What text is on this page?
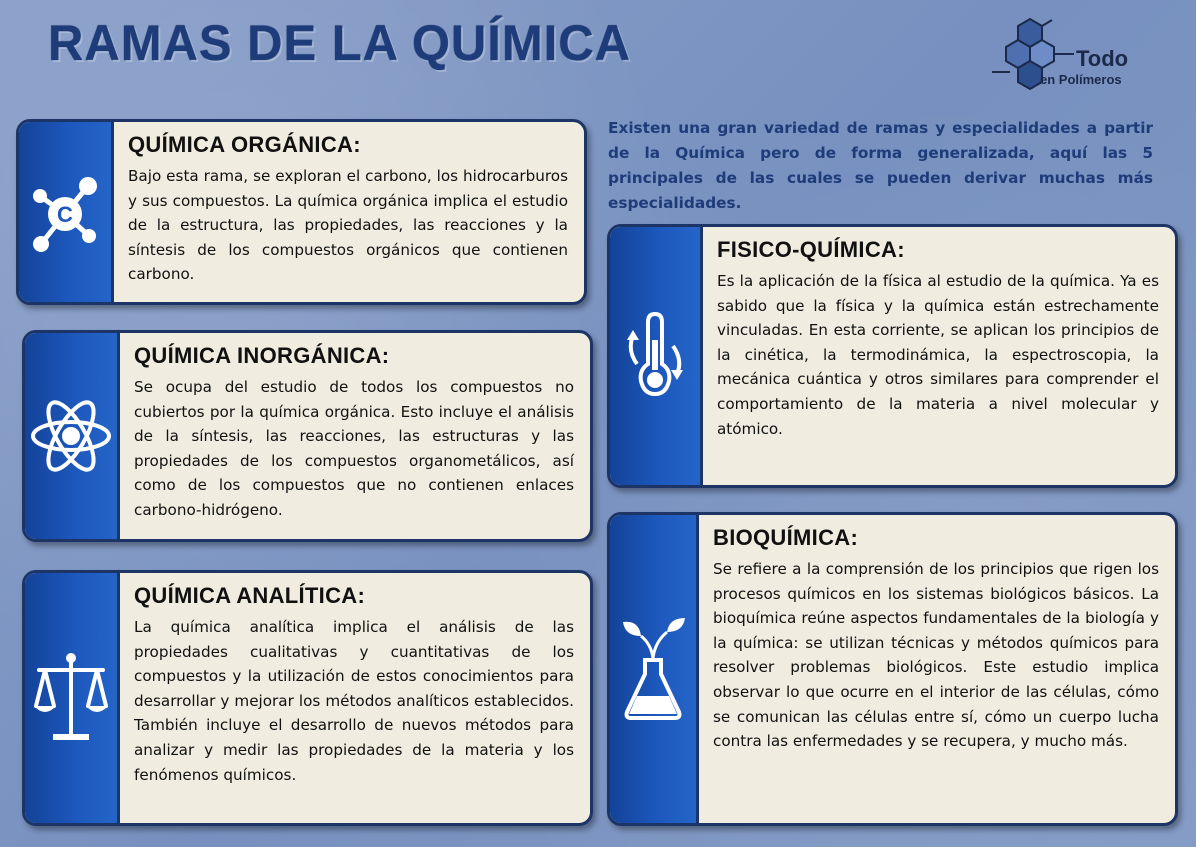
RAMAS DE LA QUÍMICA	Todo
en Polímeros

Existen una gran variedad de ramas y especialidades a partir de la Química pero de forma generalizada, aquí las 5 principales de las cuales se pueden derivar muchas más especialidades.

C
QUÍMICA ORGÁNICA:

Bajo esta rama, se exploran el carbono, los hidrocarburos y sus compuestos. La química orgánica implica el estudio de la estructura, las propiedades, las reacciones y la síntesis de los compuestos orgánicos que contienen carbono.

QUÍMICA INORGÁNICA:

Se ocupa del estudio de todos los compuestos no cubiertos por la química orgánica. Esto incluye el análisis de la síntesis, las reacciones, las estructuras y las propiedades de los compuestos organometálicos, así como de los compuestos que no contienen enlaces carbono-hidrógeno.

QUÍMICA ANALÍTICA:

La química analítica implica el análisis de las propiedades cualitativas y cuantitativas de los compuestos y la utilización de estos conocimientos para desarrollar y mejorar los métodos analíticos establecidos. También incluye el desarrollo de nuevos métodos para analizar y medir las propiedades de la materia y los fenómenos químicos.

FISICO-QUÍMICA:

Es la aplicación de la física al estudio de la química. Ya es sabido que la física y la química están estrechamente vinculadas. En esta corriente, se aplican los principios de la cinética, la termodinámica, la espectroscopia, la mecánica cuántica y otros similares para comprender el comportamiento de la materia a nivel molecular y atómico.

BIOQUÍMICA:

Se refiere a la comprensión de los principios que rigen los procesos químicos en los sistemas biológicos básicos. La bioquímica reúne aspectos fundamentales de la biología y la química: se utilizan técnicas y métodos químicos para resolver problemas biológicos. Este estudio implica observar lo que ocurre en el interior de las células, cómo se comunican las células entre sí, cómo un cuerpo lucha contra las enfermedades y se recupera, y mucho más.
